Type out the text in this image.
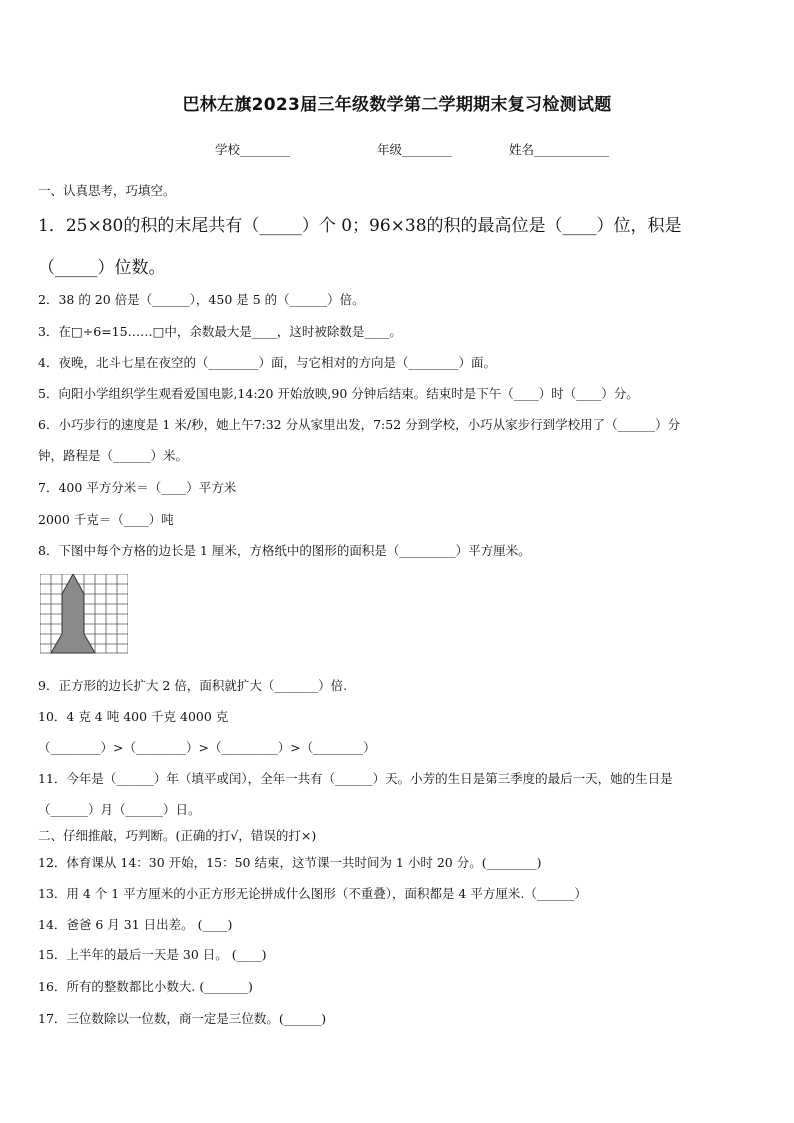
巴林左旗2023届三年级数学第二学期期末复习检测试题
学校________	年级________	姓名____________
一、认真思考，巧填空。
1．25×80的积的末尾共有（_____）个 0；96×38的积的最高位是（____）位，积是
（_____）位数。
2．38 的 20 倍是（______），450 是 5 的（______）倍。
3．在□÷6=15……□中，余数最大是____，这时被除数是____。
4．夜晚，北斗七星在夜空的（________）面，与它相对的方向是（________）面。
5．向阳小学组织学生观看爱国电影,14:20 开始放映,90 分钟后结束。结束时是下午（____）时（____）分。
6．小巧步行的速度是 1 米/秒，她上午7:32 分从家里出发，7:52 分到学校，小巧从家步行到学校用了（______）分
钟，路程是（______）米。
7．400 平方分米＝（____）平方米
2000 千克＝（____）吨
8．下图中每个方格的边长是 1 厘米，方格纸中的图形的面积是（_________）平方厘米。
9．正方形的边长扩大 2 倍，面积就扩大（_______）倍.
10．4 克 4 吨 400 千克 4000 克
（________）>（________）>（_________）>（________）
11．今年是（______）年（填平或闰），全年一共有（______）天。小芳的生日是第三季度的最后一天，她的生日是
（______）月（______）日。
二、仔细推敲，巧判断。(正确的打√，错误的打×)
12．体育课从 14：30 开始，15：50 结束，这节课一共时间为 1 小时 20 分。(________)
13．用 4 个 1 平方厘米的小正方形无论拼成什么图形（不重叠），面积都是 4 平方厘米.（______）
14．爸爸 6 月 31 日出差。 (____)
15．上半年的最后一天是 30 日。 (____)
16．所有的整数都比小数大. (_______)
17．三位数除以一位数，商一定是三位数。(______)
